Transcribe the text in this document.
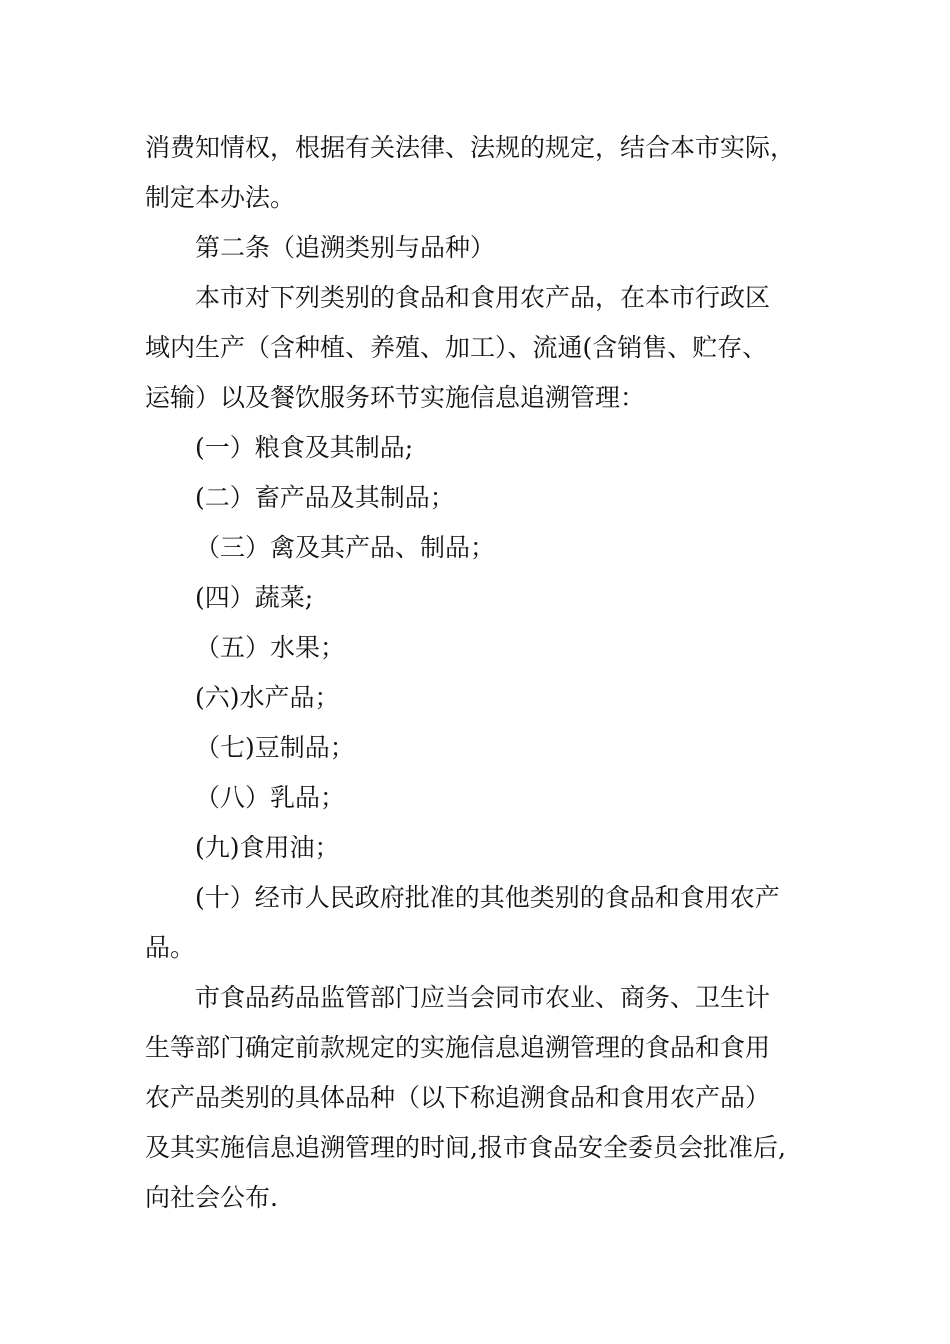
消费知情权，根据有关法律、法规的规定，结合本市实际，
制定本办法。
第二条（追溯类别与品种）
本市对下列类别的食品和食用农产品，在本市行政区
域内生产（含种植、养殖、加工）、流通(含销售、贮存、
运输）以及餐饮服务环节实施信息追溯管理：
(一）粮食及其制品;
(二）畜产品及其制品；
（三）禽及其产品、制品；
(四）蔬菜;
（五）水果；
(六)水产品；
（七)豆制品；
（八）乳品；
(九)食用油；
(十）经市人民政府批准的其他类别的食品和食用农产
品。
市食品药品监管部门应当会同市农业、商务、卫生计
生等部门确定前款规定的实施信息追溯管理的食品和食用
农产品类别的具体品种（以下称追溯食品和食用农产品）
及其实施信息追溯管理的时间,报市食品安全委员会批准后,
向社会公布.
